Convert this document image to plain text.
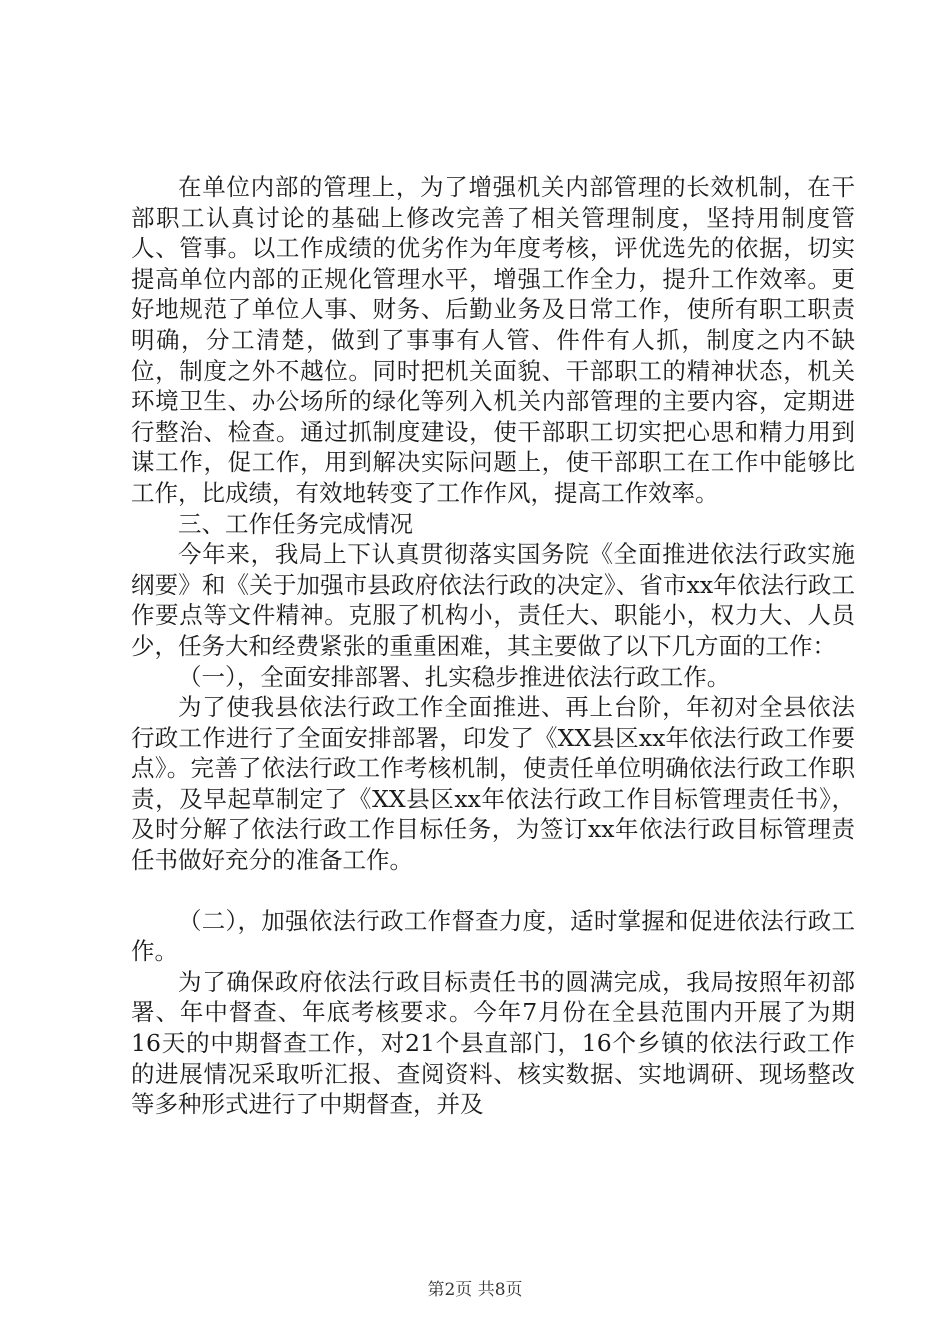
在单位内部的管理上，为了增强机关内部管理的长效机制，在干部职工认真讨论的基础上修改完善了相关管理制度，坚持用制度管人、管事。以工作成绩的优劣作为年度考核，评优选先的依据，切实提高单位内部的正规化管理水平，增强工作全力，提升工作效率。更好地规范了单位人事、财务、后勤业务及日常工作，使所有职工职责明确，分工清楚，做到了事事有人管、件件有人抓，制度之内不缺位，制度之外不越位。同时把机关面貌、干部职工的精神状态，机关环境卫生、办公场所的绿化等列入机关内部管理的主要内容，定期进行整治、检查。通过抓制度建设，使干部职工切实把心思和精力用到谋工作，促工作，用到解决实际问题上，使干部职工在工作中能够比工作，比成绩，有效地转变了工作作风，提高工作效率。

三、工作任务完成情况

今年来，我局上下认真贯彻落实国务院《全面推进依法行政实施纲要》和《关于加强市县政府依法行政的决定》、省市xx年依法行政工作要点等文件精神。克服了机构小，责任大、职能小，权力大、人员少，任务大和经费紧张的重重困难，其主要做了以下几方面的工作：

（一），全面安排部署、扎实稳步推进依法行政工作。

为了使我县依法行政工作全面推进、再上台阶，年初对全县依法行政工作进行了全面安排部署，印发了《XX县区xx年依法行政工作要点》。完善了依法行政工作考核机制，使责任单位明确依法行政工作职责，及早起草制定了《XX县区xx年依法行政工作目标管理责任书》，及时分解了依法行政工作目标任务，为签订xx年依法行政目标管理责任书做好充分的准备工作。

（二），加强依法行政工作督查力度，适时掌握和促进依法行政工作。

为了确保政府依法行政目标责任书的圆满完成，我局按照年初部署、年中督查、年底考核要求。今年7月份在全县范围内开展了为期16天的中期督查工作，对21个县直部门，16个乡镇的依法行政工作的进展情况采取听汇报、查阅资料、核实数据、实地调研、现场整改等多种形式进行了中期督查，并及

第2页 共8页
